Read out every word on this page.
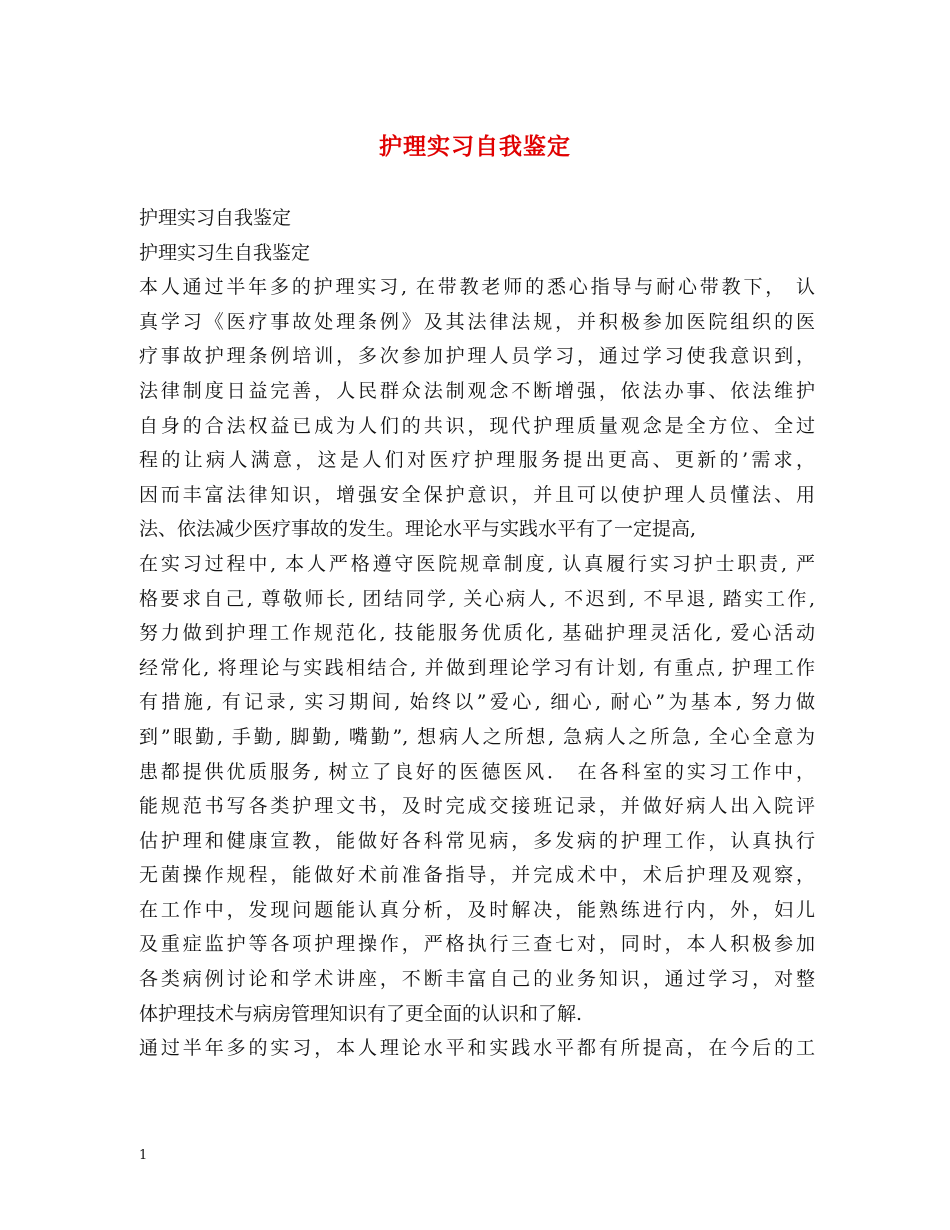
护理实习自我鉴定
护理实习自我鉴定
护理实习生自我鉴定
本人通过半年多的护理实习, 在带教老师的悉心指导与耐心带教下， 认
真学习《医疗事故处理条例》及其法律法规，并积极参加医院组织的医
疗事故护理条例培训，多次参加护理人员学习，通过学习使我意识到，
法律制度日益完善，人民群众法制观念不断增强，依法办事、依法维护
自身的合法权益已成为人们的共识，现代护理质量观念是全方位、全过
程的让病人满意，这是人们对医疗护理服务提出更高、更新的’需求，
因而丰富法律知识，增强安全保护意识，并且可以使护理人员懂法、用
法、依法减少医疗事故的发生。理论水平与实践水平有了一定提高,
在实习过程中, 本人严格遵守医院规章制度, 认真履行实习护士职责, 严
格要求自己, 尊敬师长, 团结同学, 关心病人, 不迟到, 不早退, 踏实工作,
努力做到护理工作规范化, 技能服务优质化, 基础护理灵活化, 爱心活动
经常化, 将理论与实践相结合, 并做到理论学习有计划, 有重点, 护理工作
有措施, 有记录, 实习期间, 始终以”爱心, 细心, 耐心”为基本, 努力做
到”眼勤, 手勤, 脚勤, 嘴勤”, 想病人之所想, 急病人之所急, 全心全意为
患都提供优质服务, 树立了良好的医德医风． 在各科室的实习工作中，
能规范书写各类护理文书，及时完成交接班记录，并做好病人出入院评
估护理和健康宣教，能做好各科常见病，多发病的护理工作，认真执行
无菌操作规程，能做好术前准备指导，并完成术中，术后护理及观察，
在工作中，发现问题能认真分析，及时解决，能熟练进行内，外，妇儿
及重症监护等各项护理操作，严格执行三查七对，同时，本人积极参加
各类病例讨论和学术讲座，不断丰富自己的业务知识，通过学习，对整
体护理技术与病房管理知识有了更全面的认识和了解.
通过半年多的实习，本人理论水平和实践水平都有所提高，在今后的工
1
